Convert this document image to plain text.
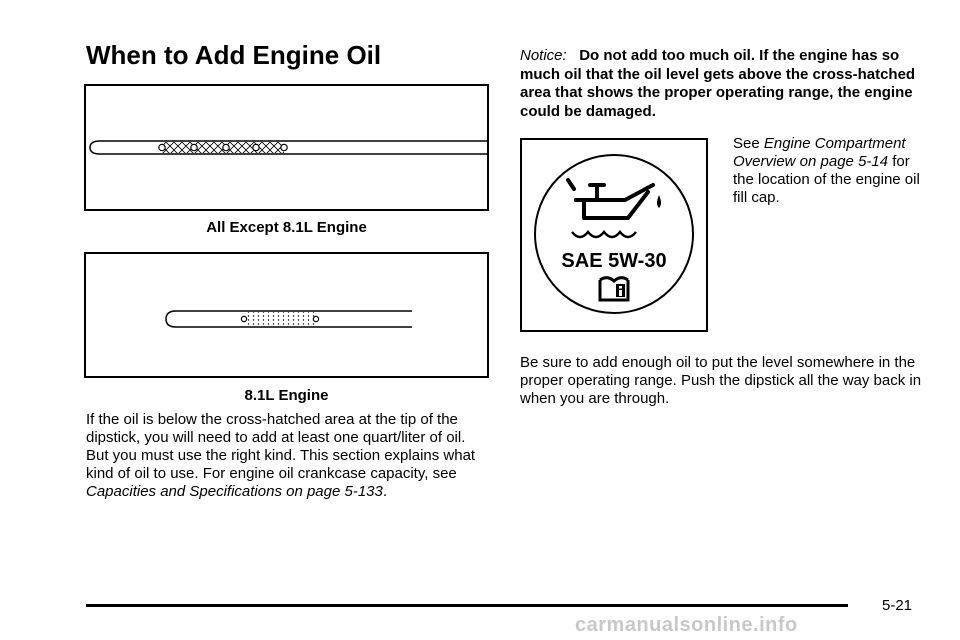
When to Add Engine Oil
All Except 8.1L Engine
8.1L Engine

If the oil is below the cross-hatched area at the tip of the dipstick, you will need to add at least one quart/liter of oil. But you must use the right kind. This section explains what kind of oil to use. For engine oil crankcase capacity, see Capacities and Specifications on page 5-133.

Notice: Do not add too much oil. If the engine has so much oil that the oil level gets above the cross-hatched area that shows the proper operating range, the engine could be damaged.

SAE 5W-30

See Engine Compartment Overview on page 5-14 for the location of the engine oil fill cap.

Be sure to add enough oil to put the level somewhere in the proper operating range. Push the dipstick all the way back in when you are through.

5-21
carmanualsonline.info
